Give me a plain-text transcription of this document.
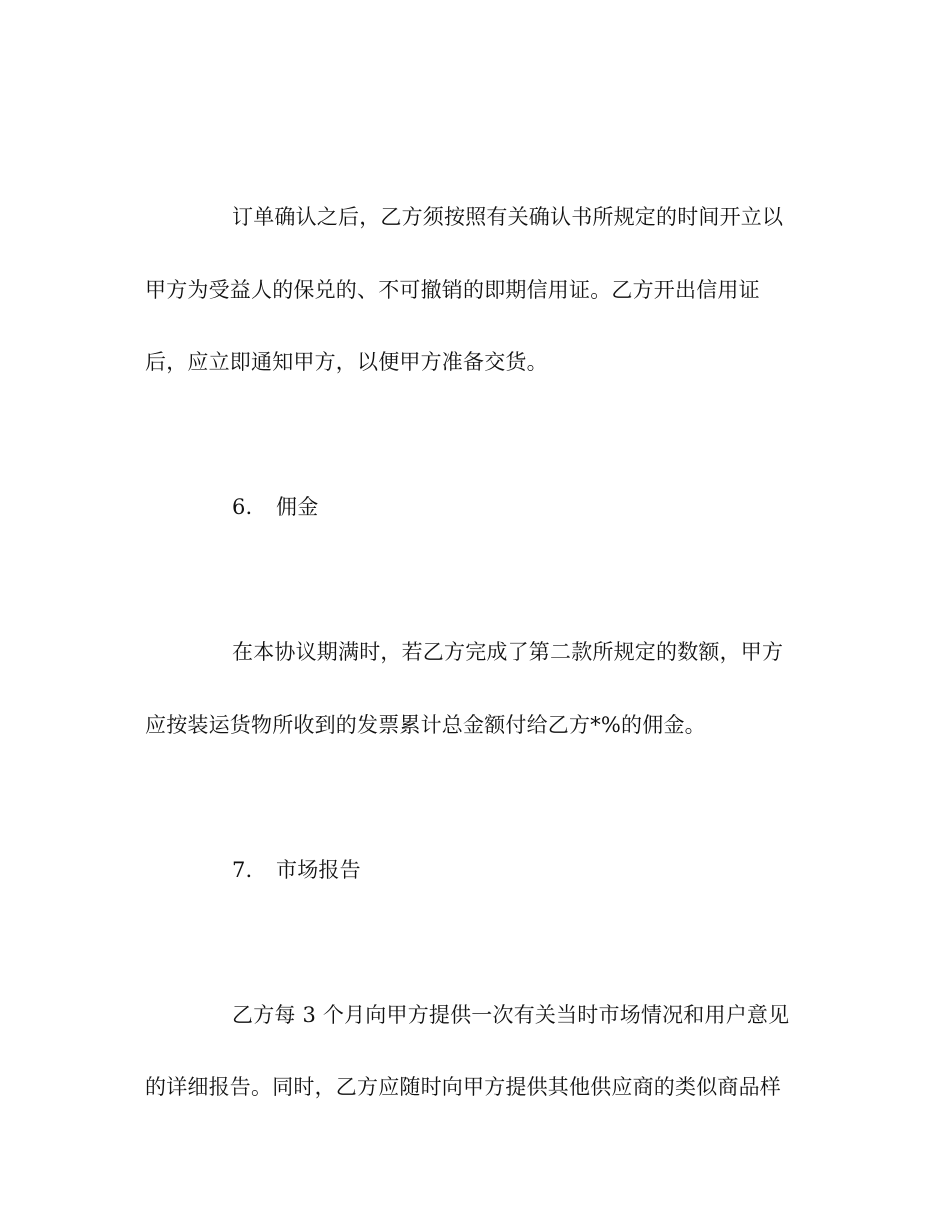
订单确认之后，乙方须按照有关确认书所规定的时间开立以
甲方为受益人的保兑的、不可撤销的即期信用证。乙方开出信用证
后，应立即通知甲方，以便甲方准备交货。
6. 佣金
在本协议期满时，若乙方完成了第二款所规定的数额，甲方
应按装运货物所收到的发票累计总金额付给乙方*%的佣金。
7. 市场报告
乙方每 3 个月向甲方提供一次有关当时市场情况和用户意见
的详细报告。同时，乙方应随时向甲方提供其他供应商的类似商品样
